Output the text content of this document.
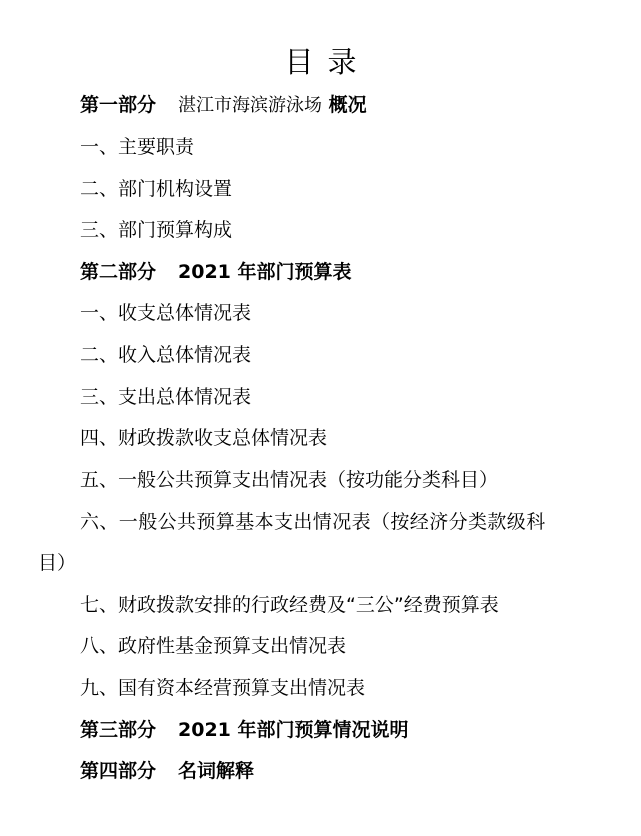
目录
第一部分 湛江市海滨游泳场 概况
一、主要职责
二、部门机构设置
三、部门预算构成
第二部分 2021 年部门预算表
一、收支总体情况表
二、收入总体情况表
三、支出总体情况表
四、财政拨款收支总体情况表
五、一般公共预算支出情况表（按功能分类科目）
六、一般公共预算基本支出情况表（按经济分类款级科
目）
七、财政拨款安排的行政经费及“三公”经费预算表
八、政府性基金预算支出情况表
九、国有资本经营预算支出情况表
第三部分 2021 年部门预算情况说明
第四部分 名词解释
